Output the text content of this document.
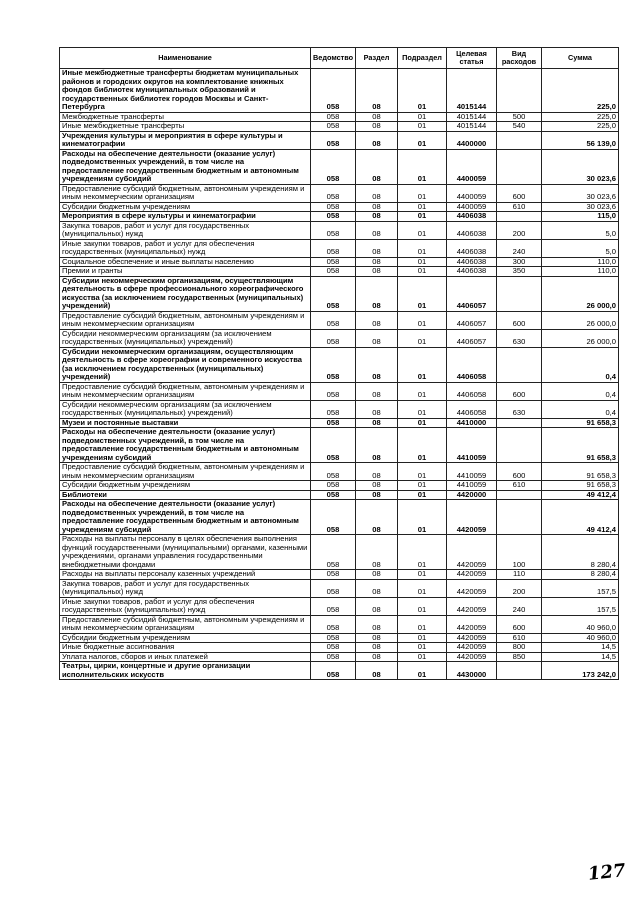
Наименование	Ведомство	Раздел	Подраздел	Целевая статья	Вид расходов	Сумма
Иные межбюджетные трансферты бюджетам муниципальных районов и городских округов на комплектование книжных фондов библиотек муниципальных образований и государственных библиотек городов Москвы и Санкт-Петербурга	058	08	01	4015144		225,0
Межбюджетные трансферты	058	08	01	4015144	500	225,0
Иные межбюджетные трансферты	058	08	01	4015144	540	225,0
Учреждения культуры и мероприятия в сфере культуры и кинематографии	058	08	01	4400000		56 139,0
Расходы на обеспечение деятельности (оказание услуг) подведомственных учреждений, в том числе на предоставление государственным бюджетным и автономным учреждениям субсидий	058	08	01	4400059		30 023,6
Предоставление субсидий бюджетным, автономным учреждениям и иным некоммерческим организациям	058	08	01	4400059	600	30 023,6
Субсидии бюджетным учреждениям	058	08	01	4400059	610	30 023,6
Мероприятия в сфере культуры и кинематографии	058	08	01	4406038		115,0
Закупка товаров, работ и услуг для государственных (муниципальных) нужд	058	08	01	4406038	200	5,0
Иные закупки товаров, работ и услуг для обеспечения государственных (муниципальных) нужд	058	08	01	4406038	240	5,0
Социальное обеспечение и иные выплаты населению	058	08	01	4406038	300	110,0
Премии и гранты	058	08	01	4406038	350	110,0
Субсидии некоммерческим организациям, осуществляющим деятельность в сфере профессионального хореографического искусства (за исключением государственных (муниципальных) учреждений)	058	08	01	4406057		26 000,0
Предоставление субсидий бюджетным, автономным учреждениям и иным некоммерческим организациям	058	08	01	4406057	600	26 000,0
Субсидии некоммерческим организациям (за исключением государственных (муниципальных) учреждений)	058	08	01	4406057	630	26 000,0
Субсидии некоммерческим организациям, осуществляющим деятельность в сфере хореографии и современного искусства (за исключением государственных (муниципальных) учреждений)	058	08	01	4406058		0,4
Предоставление субсидий бюджетным, автономным учреждениям и иным некоммерческим организациям	058	08	01	4406058	600	0,4
Субсидии некоммерческим организациям (за исключением государственных (муниципальных) учреждений)	058	08	01	4406058	630	0,4
Музеи и постоянные выставки	058	08	01	4410000		91 658,3
Расходы на обеспечение деятельности (оказание услуг) подведомственных учреждений, в том числе на предоставление государственным бюджетным и автономным учреждениям субсидий	058	08	01	4410059		91 658,3
Предоставление субсидий бюджетным, автономным учреждениям и иным некоммерческим организациям	058	08	01	4410059	600	91 658,3
Субсидии бюджетным учреждениям	058	08	01	4410059	610	91 658,3
Библиотеки	058	08	01	4420000		49 412,4
Расходы на обеспечение деятельности (оказание услуг) подведомственных учреждений, в том числе на предоставление государственным бюджетным и автономным учреждениям субсидий	058	08	01	4420059		49 412,4
Расходы на выплаты персоналу в целях обеспечения выполнения функций государственными (муниципальными) органами, казенными учреждениями, органами управления государственными внебюджетными фондами	058	08	01	4420059	100	8 280,4
Расходы на выплаты персоналу казенных учреждений	058	08	01	4420059	110	8 280,4
Закупка товаров, работ и услуг для государственных (муниципальных) нужд	058	08	01	4420059	200	157,5
Иные закупки товаров, работ и услуг для обеспечения государственных (муниципальных) нужд	058	08	01	4420059	240	157,5
Предоставление субсидий бюджетным, автономным учреждениям и иным некоммерческим организациям	058	08	01	4420059	600	40 960,0
Субсидии бюджетным учреждениям	058	08	01	4420059	610	40 960,0
Иные бюджетные ассигнования	058	08	01	4420059	800	14,5
Уплата налогов, сборов и иных платежей	058	08	01	4420059	850	14,5
Театры, цирки, концертные и другие организации исполнительских искусств	058	08	01	4430000		173 242,0
127
